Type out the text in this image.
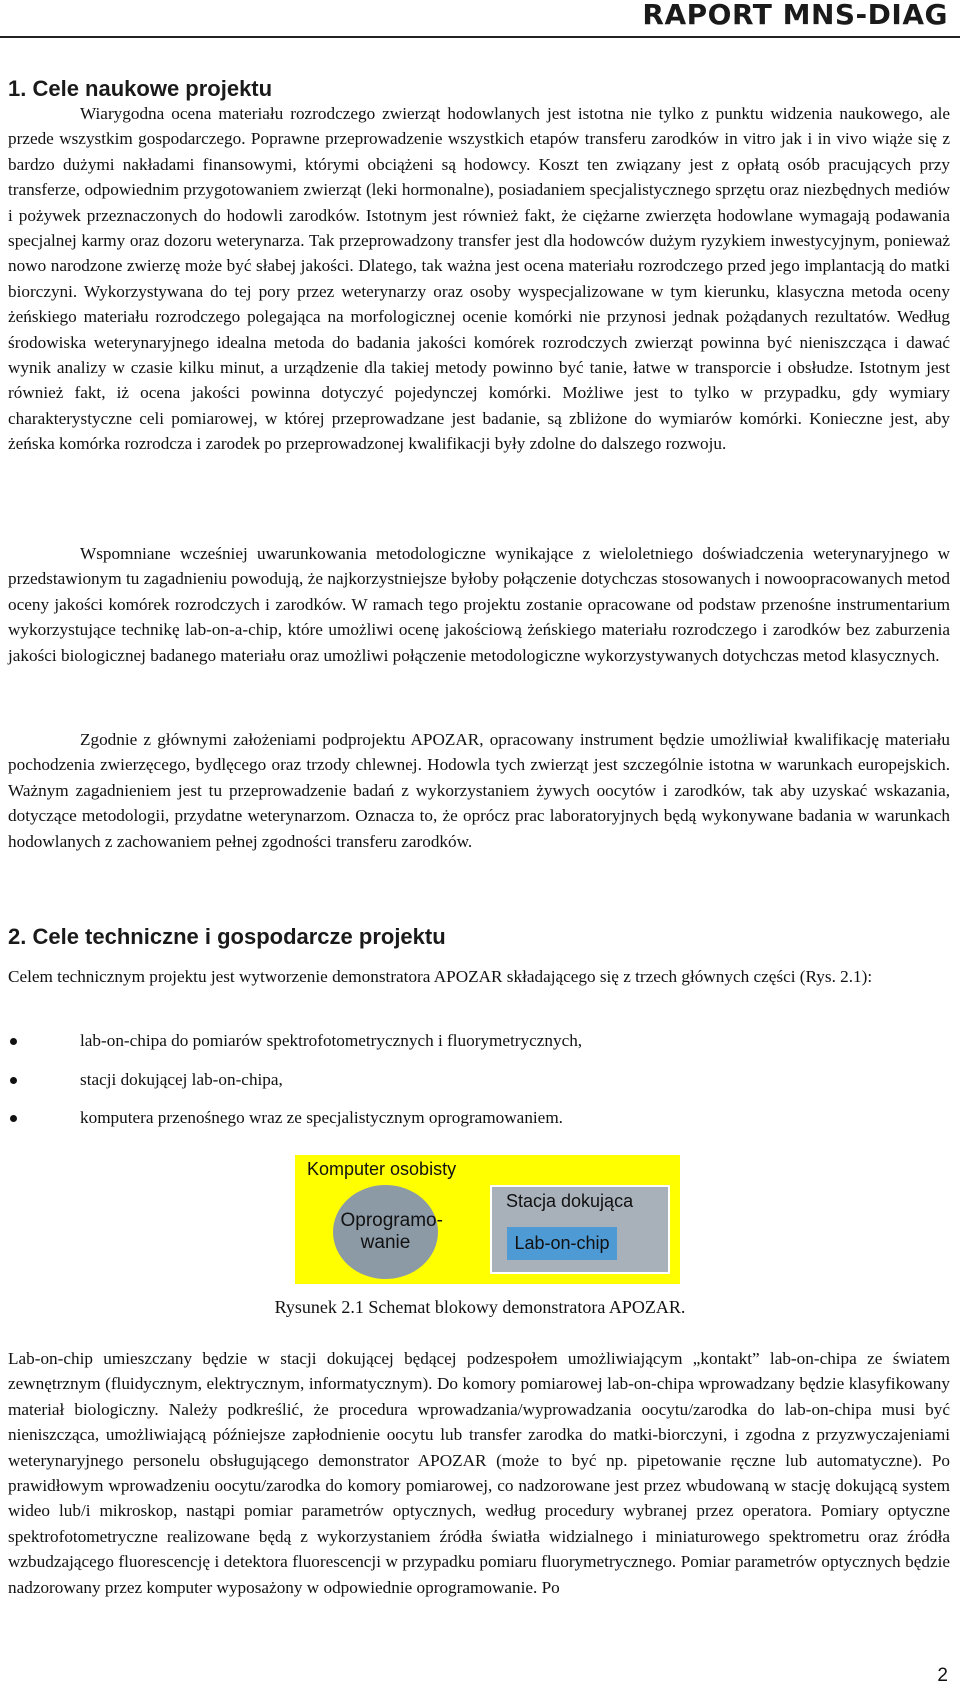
RAPORT MNS-DIAG
1. Cele naukowe projektu

Wiarygodna ocena materiału rozrodczego zwierząt hodowlanych jest istotna nie tylko z punktu widzenia naukowego, ale przede wszystkim gospodarczego. Poprawne przeprowadzenie wszystkich etapów transferu zarodków in vitro jak i in vivo wiąże się z bardzo dużymi nakładami finansowymi, którymi obciążeni są hodowcy. Koszt ten związany jest z opłatą osób pracujących przy transferze, odpowiednim przygotowaniem zwierząt (leki hormonalne), posiadaniem specjalistycznego sprzętu oraz niezbędnych mediów i pożywek przeznaczonych do hodowli zarodków. Istotnym jest również fakt, że ciężarne zwierzęta hodowlane wymagają podawania specjalnej karmy oraz dozoru weterynarza. Tak przeprowadzony transfer jest dla hodowców dużym ryzykiem inwestycyjnym, ponieważ nowo narodzone zwierzę może być słabej jakości. Dlatego, tak ważna jest ocena materiału rozrodczego przed jego implantacją do matki biorczyni. Wykorzystywana do tej pory przez weterynarzy oraz osoby wyspecjalizowane w tym kierunku, klasyczna metoda oceny żeńskiego materiału rozrodczego polegająca na morfologicznej ocenie komórki nie przynosi jednak pożądanych rezultatów. Według środowiska weterynaryjnego idealna metoda do badania jakości komórek rozrodczych zwierząt powinna być nieniszcząca i dawać wynik analizy w czasie kilku minut, a urządzenie dla takiej metody powinno być tanie, łatwe w transporcie i obsłudze. Istotnym jest również fakt, iż ocena jakości powinna dotyczyć pojedynczej komórki. Możliwe jest to tylko w przypadku, gdy wymiary charakterystyczne celi pomiarowej, w której przeprowadzane jest badanie, są zbliżone do wymiarów komórki. Konieczne jest, aby żeńska komórka rozrodcza i zarodek po przeprowadzonej kwalifikacji były zdolne do dalszego rozwoju.

Wspomniane wcześniej uwarunkowania metodologiczne wynikające z wieloletniego doświadczenia weterynaryjnego w przedstawionym tu zagadnieniu powodują, że najkorzystniejsze byłoby połączenie dotychczas stosowanych i nowoopracowanych metod oceny jakości komórek rozrodczych i zarodków. W ramach tego projektu zostanie opracowane od podstaw przenośne instrumentarium wykorzystujące technikę lab-on-a-chip, które umożliwi ocenę jakościową żeńskiego materiału rozrodczego i zarodków bez zaburzenia jakości biologicznej badanego materiału oraz umożliwi połączenie metodologiczne wykorzystywanych dotychczas metod klasycznych.

Zgodnie z głównymi założeniami podprojektu APOZAR, opracowany instrument będzie umożliwiał kwalifikację materiału pochodzenia zwierzęcego, bydlęcego oraz trzody chlewnej. Hodowla tych zwierząt jest szczególnie istotna w warunkach europejskich. Ważnym zagadnieniem jest tu przeprowadzenie badań z wykorzystaniem żywych oocytów i zarodków, tak aby uzyskać wskazania, dotyczące metodologii, przydatne weterynarzom. Oznacza to, że oprócz prac laboratoryjnych będą wykonywane badania w warunkach hodowlanych z zachowaniem pełnej zgodności transferu zarodków.

2. Cele techniczne i gospodarcze projektu

Celem technicznym projektu jest wytworzenie demonstratora APOZAR składającego się z trzech głównych części (Rys. 2.1):

lab-on-chipa do pomiarów spektrofotometrycznych i fluorymetrycznych,
stacji dokującej lab-on-chipa,
komputera przenośnego wraz ze specjalistycznym oprogramowaniem.
Komputer osobisty
Oprogramo-wanie
Stacja dokująca
Lab-on-chip

Rysunek 2.1 Schemat blokowy demonstratora APOZAR.

Lab-on-chip umieszczany będzie w stacji dokującej będącej podzespołem umożliwiającym „kontakt” lab-on-chipa ze światem zewnętrznym (fluidycznym, elektrycznym, informatycznym). Do komory pomiarowej lab-on-chipa wprowadzany będzie klasyfikowany materiał biologiczny. Należy podkreślić, że procedura wprowadzania/wyprowadzania oocytu/zarodka do lab-on-chipa musi być nieniszcząca, umożliwiającą późniejsze zapłodnienie oocytu lub transfer zarodka do matki-biorczyni, i zgodna z przyzwyczajeniami weterynaryjnego personelu obsługującego demonstrator APOZAR (może to być np. pipetowanie ręczne lub automatyczne). Po prawidłowym wprowadzeniu oocytu/zarodka do komory pomiarowej, co nadzorowane jest przez wbudowaną w stację dokującą system wideo lub/i mikroskop, nastąpi pomiar parametrów optycznych, według procedury wybranej przez operatora. Pomiary optyczne spektrofotometryczne realizowane będą z wykorzystaniem źródła światła widzialnego i miniaturowego spektrometru oraz źródła wzbudzającego fluorescencję i detektora fluorescencji w przypadku pomiaru fluorymetrycznego. Pomiar parametrów optycznych będzie nadzorowany przez komputer wyposażony w odpowiednie oprogramowanie. Po

2
